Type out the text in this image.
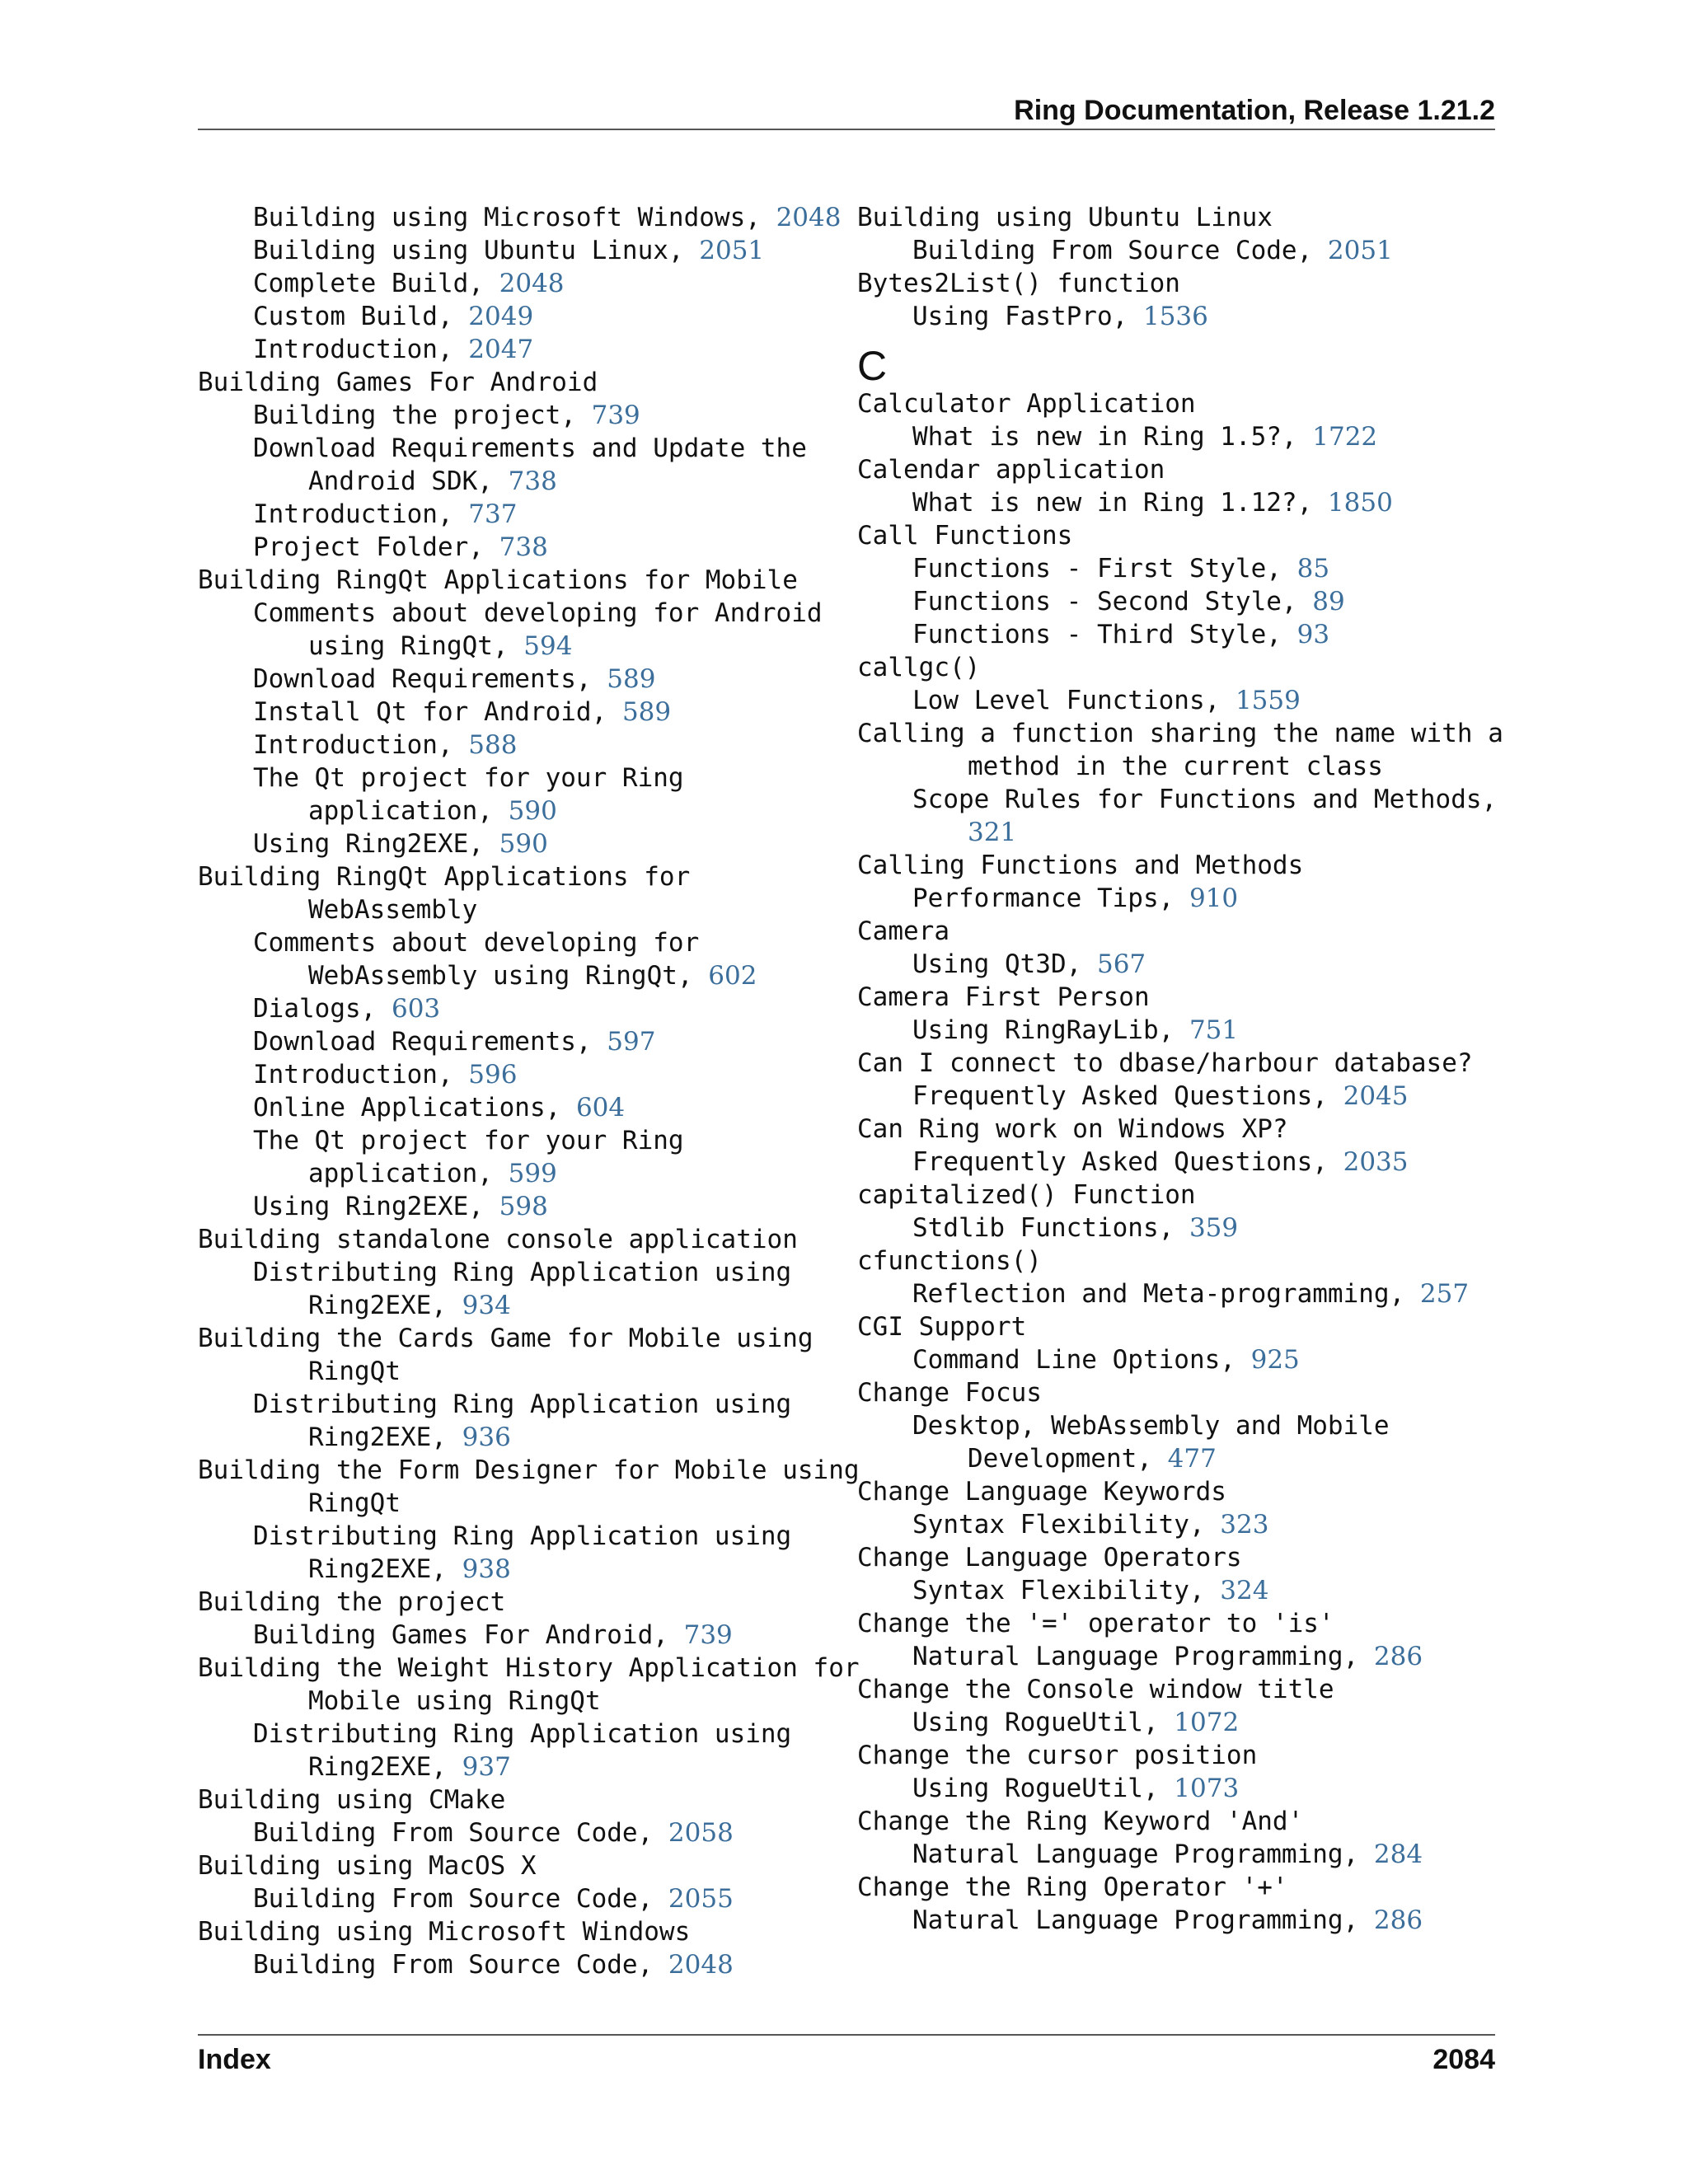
Ring Documentation, Release 1.21.2
Building using Microsoft Windows, 2048
Building using Ubuntu Linux, 2051
Complete Build, 2048
Custom Build, 2049
Introduction, 2047
Building Games For Android
Building the project, 739
Download Requirements and Update the
Android SDK, 738
Introduction, 737
Project Folder, 738
Building RingQt Applications for Mobile
Comments about developing for Android
using RingQt, 594
Download Requirements, 589
Install Qt for Android, 589
Introduction, 588
The Qt project for your Ring
application, 590
Using Ring2EXE, 590
Building RingQt Applications for
WebAssembly
Comments about developing for
WebAssembly using RingQt, 602
Dialogs, 603
Download Requirements, 597
Introduction, 596
Online Applications, 604
The Qt project for your Ring
application, 599
Using Ring2EXE, 598
Building standalone console application
Distributing Ring Application using
Ring2EXE, 934
Building the Cards Game for Mobile using
RingQt
Distributing Ring Application using
Ring2EXE, 936
Building the Form Designer for Mobile using
RingQt
Distributing Ring Application using
Ring2EXE, 938
Building the project
Building Games For Android, 739
Building the Weight History Application for
Mobile using RingQt
Distributing Ring Application using
Ring2EXE, 937
Building using CMake
Building From Source Code, 2058
Building using MacOS X
Building From Source Code, 2055
Building using Microsoft Windows
Building From Source Code, 2048
Building using Ubuntu Linux
Building From Source Code, 2051
Bytes2List() function
Using FastPro, 1536
C
Calculator Application
What is new in Ring 1.5?, 1722
Calendar application
What is new in Ring 1.12?, 1850
Call Functions
Functions - First Style, 85
Functions - Second Style, 89
Functions - Third Style, 93
callgc()
Low Level Functions, 1559
Calling a function sharing the name with a
method in the current class
Scope Rules for Functions and Methods,
321
Calling Functions and Methods
Performance Tips, 910
Camera
Using Qt3D, 567
Camera First Person
Using RingRayLib, 751
Can I connect to dbase/harbour database?
Frequently Asked Questions, 2045
Can Ring work on Windows XP?
Frequently Asked Questions, 2035
capitalized() Function
Stdlib Functions, 359
cfunctions()
Reflection and Meta-programming, 257
CGI Support
Command Line Options, 925
Change Focus
Desktop, WebAssembly and Mobile
Development, 477
Change Language Keywords
Syntax Flexibility, 323
Change Language Operators
Syntax Flexibility, 324
Change the '=' operator to 'is'
Natural Language Programming, 286
Change the Console window title
Using RogueUtil, 1072
Change the cursor position
Using RogueUtil, 1073
Change the Ring Keyword 'And'
Natural Language Programming, 284
Change the Ring Operator '+'
Natural Language Programming, 286
Index	2084
